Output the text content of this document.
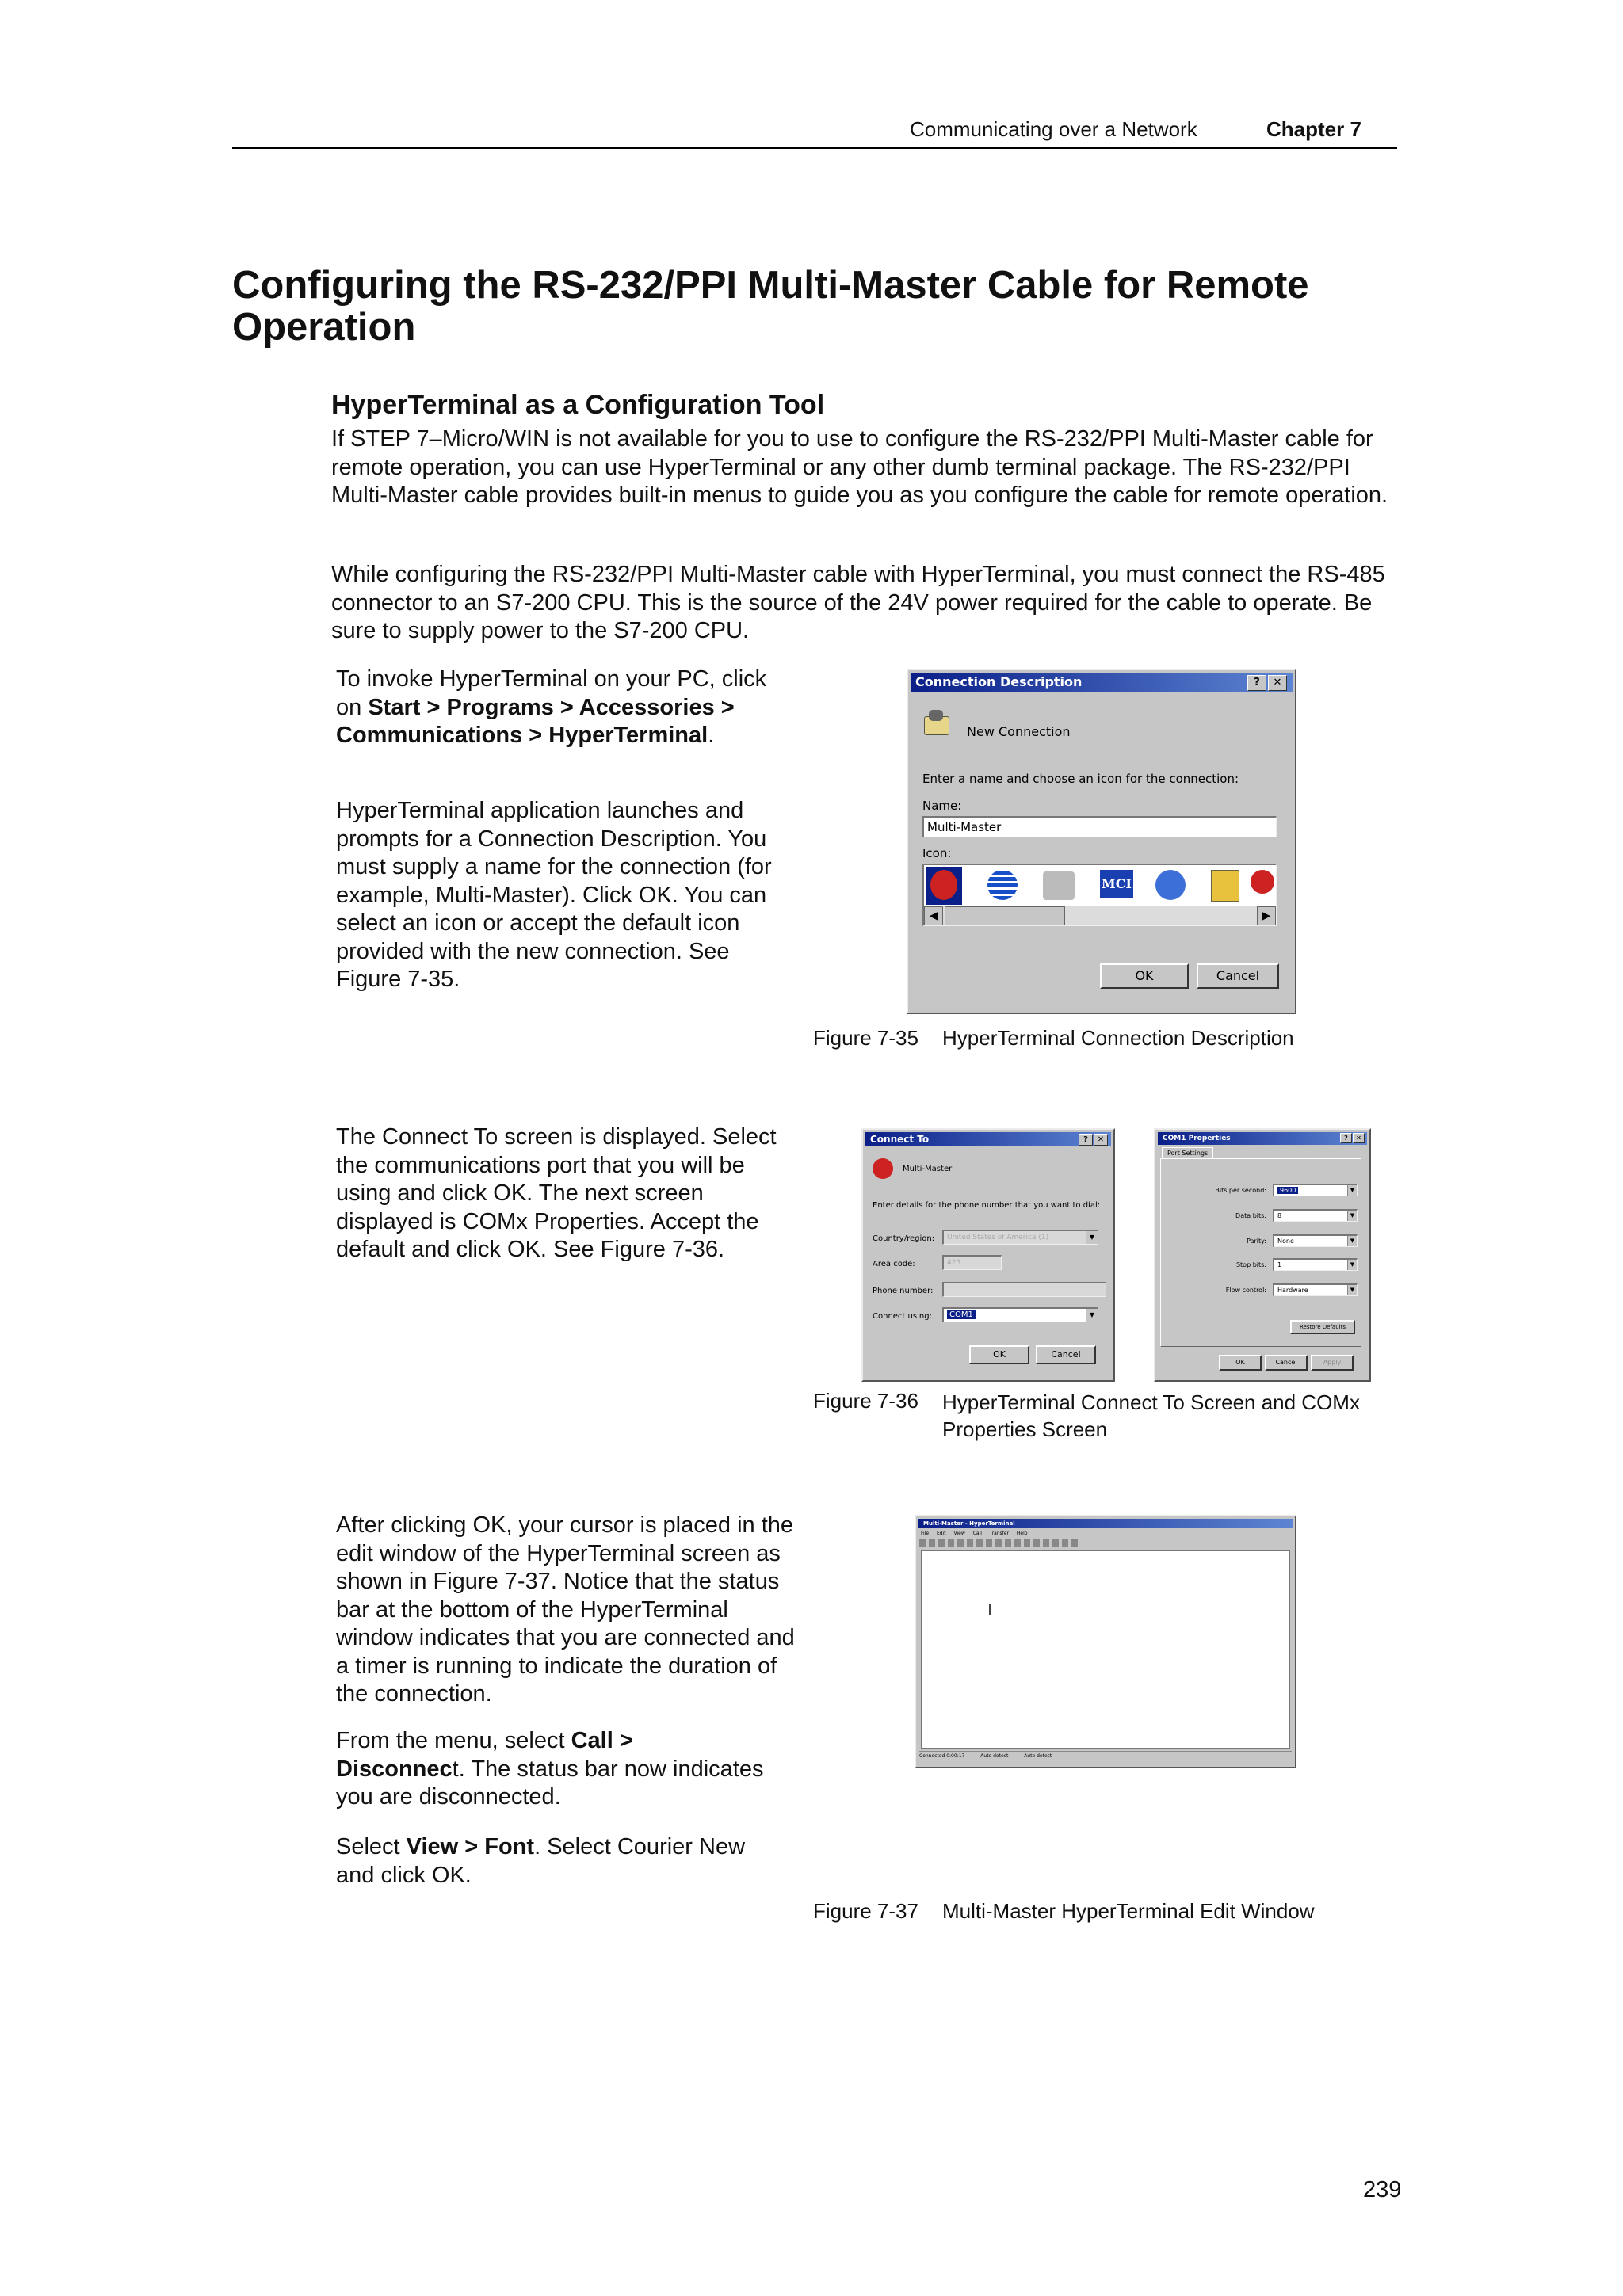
Communicating over a Network	Chapter 7
Configuring the RS-232/PPI Multi-Master Cable for Remote Operation
HyperTerminal as a Configuration Tool
If STEP 7–Micro/WIN is not available for you to use to configure the RS-232/PPI Multi-Master cable for remote operation, you can use HyperTerminal or any other dumb terminal package. The RS-232/PPI Multi-Master cable provides built-in menus to guide you as you configure the cable for remote operation.
While configuring the RS-232/PPI Multi-Master cable with HyperTerminal, you must connect the RS-485 connector to an S7-200 CPU. This is the source of the 24V power required for the cable to operate. Be sure to supply power to the S7-200 CPU.
To invoke HyperTerminal on your PC, click on Start > Programs > Accessories > Communications > HyperTerminal.
HyperTerminal application launches and prompts for a Connection Description. You must supply a name for the connection (for example, Multi-Master). Click OK. You can select an icon or accept the default icon provided with the new connection. See Figure 7-35.
Connection Description	?	✕
New Connection
Enter a name and choose an icon for the connection:
Name:
Multi-Master
Icon:
MCI
◀	▶
OK	Cancel
Figure 7-35 HyperTerminal Connection Description
The Connect To screen is displayed. Select the communications port that you will be using and click OK. The next screen displayed is COMx Properties. Accept the default and click OK. See Figure 7-36.
Connect To	?	✕
Multi-Master
Enter details for the phone number that you want to dial:
Country/region:	United States of America (1)	▼
Area code:	423
Phone number:
Connect using:	COM1	▼
OK	Cancel
COM1 Properties	?	✕
Port Settings
Bits per second:	9600	▼
Data bits:	8	▼
Parity:	None	▼
Stop bits:	1	▼
Flow control:	Hardware	▼
Restore Defaults
OK	Cancel	Apply
Figure 7-36 HyperTerminal Connect To Screen and COMx Properties Screen
After clicking OK, your cursor is placed in the edit window of the HyperTerminal screen as shown in Figure 7-37. Notice that the status bar at the bottom of the HyperTerminal window indicates that you are connected and a timer is running to indicate the duration of the connection.
From the menu, select Call >
Disconnect. The status bar now indicates you are disconnected.
Select View > Font. Select Courier New and click OK.
Multi-Master - HyperTerminal
File Edit View Call Transfer Help
Connected 0:00:17	Auto detect	Auto detect
Figure 7-37 Multi-Master HyperTerminal Edit Window
239
